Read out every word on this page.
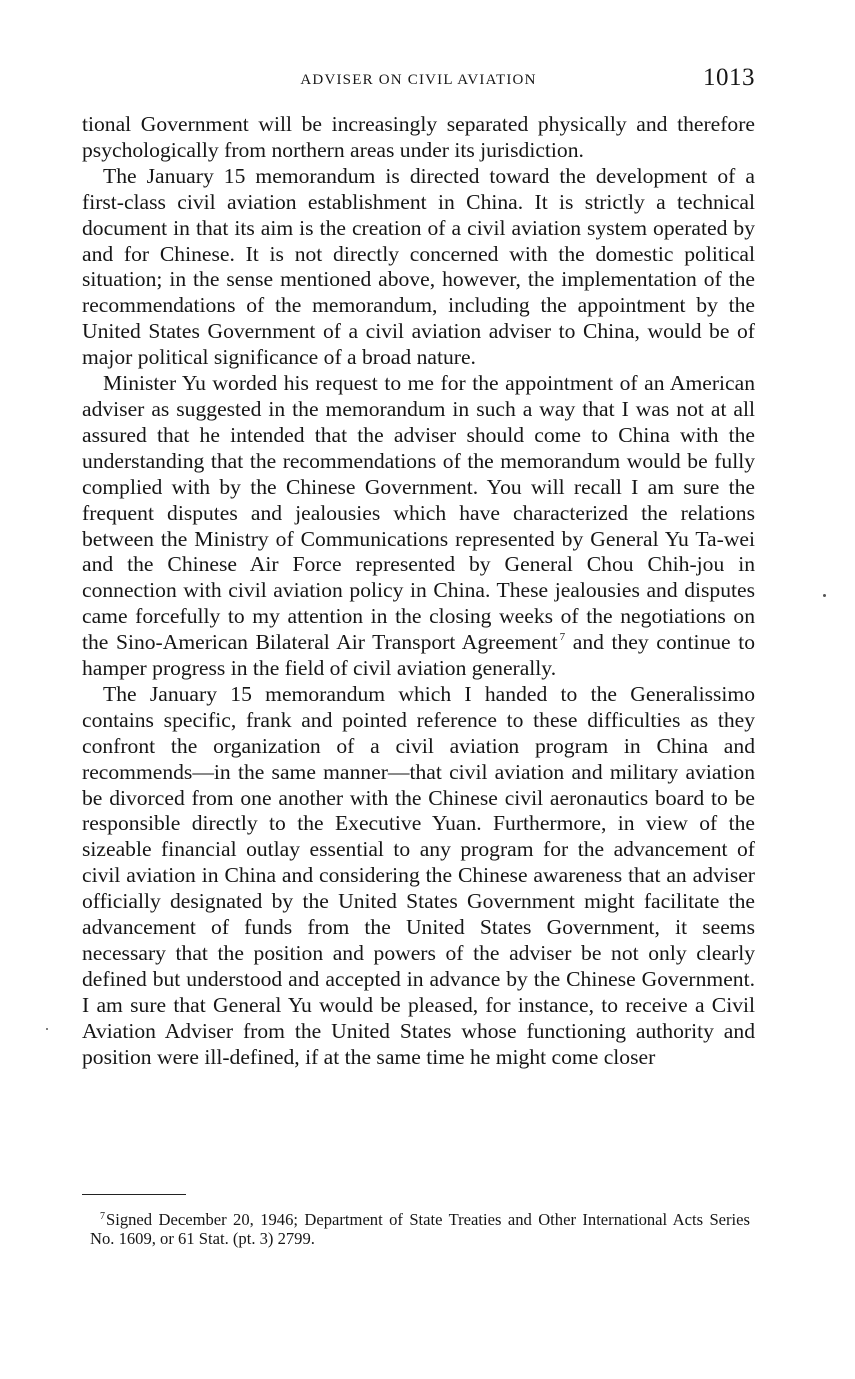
ADVISER ON CIVIL AVIATION	1013

tional Government will be increasingly separated physically and therefore psychologically from northern areas under its jurisdiction.

The January 15 memorandum is directed toward the development of a first-class civil aviation establishment in China. It is strictly a technical document in that its aim is the creation of a civil aviation system operated by and for Chinese. It is not directly concerned with the domestic political situation; in the sense mentioned above, however, the implementation of the recommendations of the memorandum, including the appointment by the United States Government of a civil aviation adviser to China, would be of major political significance of a broad nature.

Minister Yu worded his request to me for the appointment of an American adviser as suggested in the memorandum in such a way that I was not at all assured that he intended that the adviser should come to China with the understanding that the recommendations of the memorandum would be fully complied with by the Chinese Government. You will recall I am sure the frequent disputes and jealousies which have characterized the relations between the Ministry of Communications represented by General Yu Ta-wei and the Chinese Air Force represented by General Chou Chih-jou in connection with civil aviation policy in China. These jealousies and disputes came forcefully to my attention in the closing weeks of the negotiations on the Sino-American Bilateral Air Transport Agreement $^7$ and they continue to hamper progress in the field of civil aviation generally.

The January 15 memorandum which I handed to the Generalissimo contains specific, frank and pointed reference to these difficulties as they confront the organization of a civil aviation program in China and recommends—in the same manner—that civil aviation and military aviation be divorced from one another with the Chinese civil aeronautics board to be responsible directly to the Executive Yuan. Furthermore, in view of the sizeable financial outlay essential to any program for the advancement of civil aviation in China and considering the Chinese awareness that an adviser officially designated by the United States Government might facilitate the advancement of funds from the United States Government, it seems necessary that the position and powers of the adviser be not only clearly defined but understood and accepted in advance by the Chinese Government. I am sure that General Yu would be pleased, for instance, to receive a Civil Aviation Adviser from the United States whose functioning authority and position were ill-defined, if at the same time he might come closer

$^7$Signed December 20, 1946; Department of State Treaties and Other International Acts Series No. 1609, or 61 Stat. (pt. 3) 2799.
